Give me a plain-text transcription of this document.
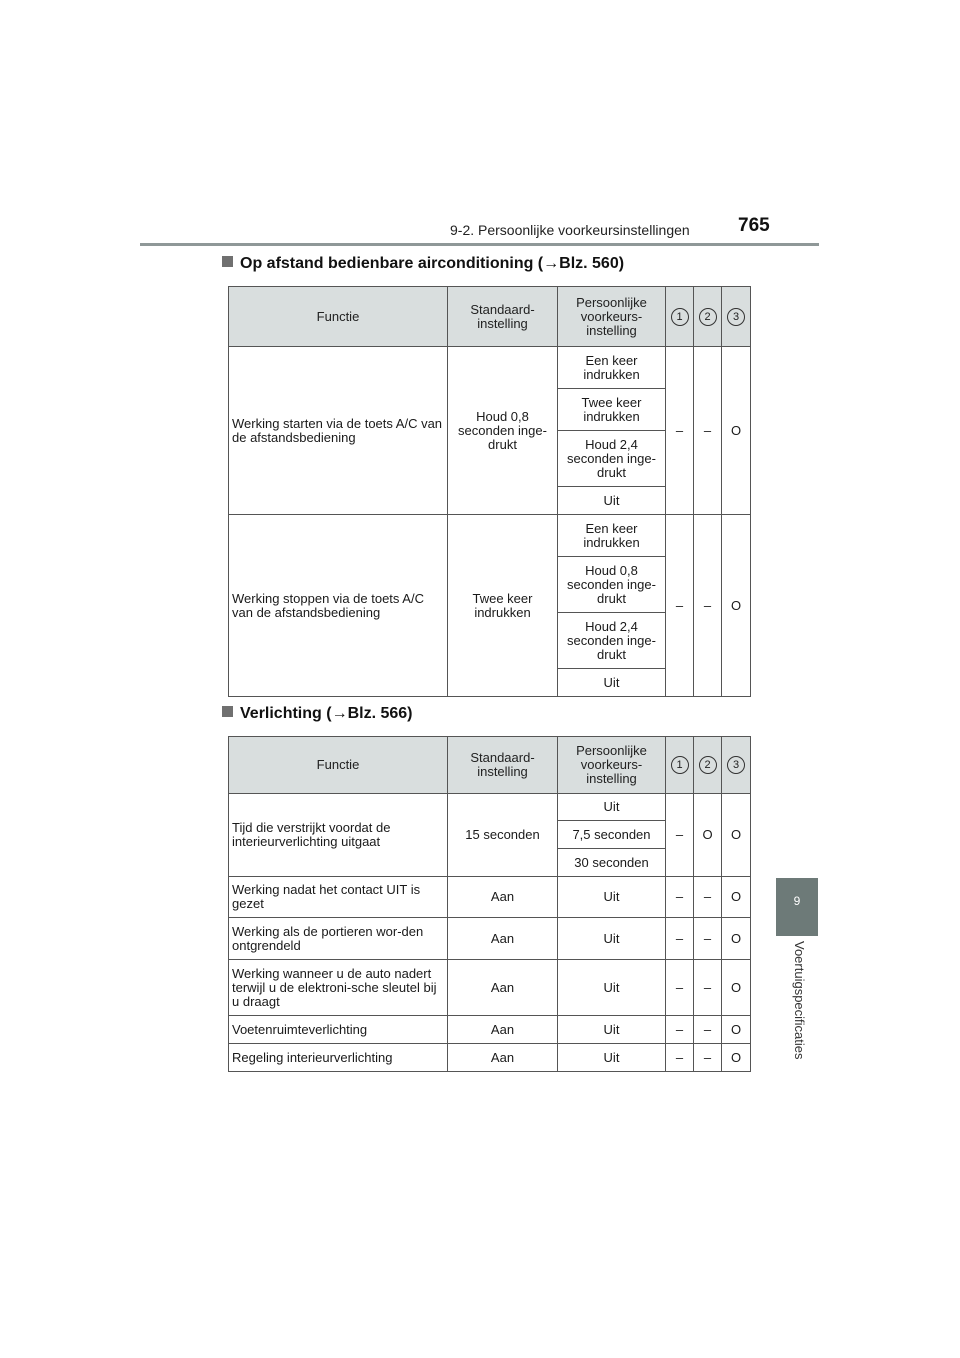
9-2. Persoonlijke voorkeursinstellingen	765
9
Voertuigspecificaties
Op afstand bedienbare airconditioning (→Blz. 560)
Functie	Standaard-instelling	Persoonlijke voorkeurs-instelling	1	2	3
Werking starten via de toets A/C van de afstandsbediening	Houd 0,8 seconden inge-drukt	Een keer indrukken	–	–	O
		Twee keer indrukken			
		Houd 2,4 seconden inge-drukt			
		Uit			
Werking stoppen via de toets A/C van de afstandsbediening	Twee keer indrukken	Een keer indrukken	–	–	O
		Houd 0,8 seconden inge-drukt			
		Houd 2,4 seconden inge-drukt			
		Uit			
Verlichting (→Blz. 566)
Functie	Standaard-instelling	Persoonlijke voorkeurs-instelling	1	2	3
Tijd die verstrijkt voordat de interieurverlichting uitgaat	15 seconden	Uit	–	O	O
		7,5 seconden			
		30 seconden			
Werking nadat het contact UIT is gezet	Aan	Uit	–	–	O
Werking als de portieren wor-den ontgrendeld	Aan	Uit	–	–	O
Werking wanneer u de auto nadert terwijl u de elektroni-sche sleutel bij u draagt	Aan	Uit	–	–	O
Voetenruimteverlichting	Aan	Uit	–	–	O
Regeling interieurverlichting	Aan	Uit	–	–	O
